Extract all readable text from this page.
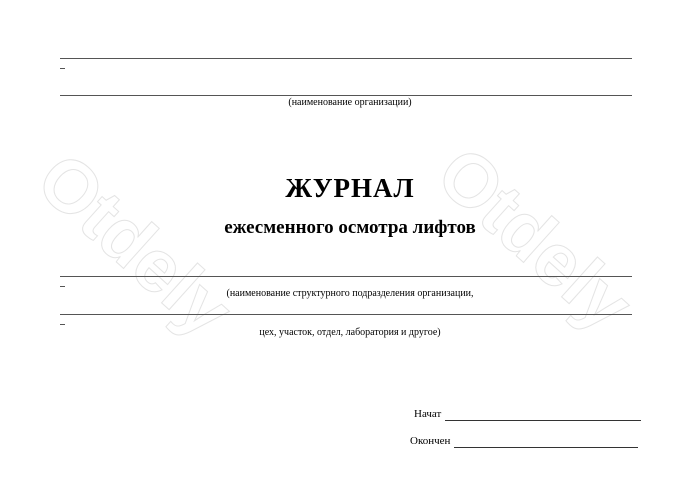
Otdely Otdely
(наименование организации)
ЖУРНАЛ
ежесменного осмотра лифтов
(наименование структурного подразделения организации,
цех, участок, отдел, лаборатория и другое)
Начат
Окончен
